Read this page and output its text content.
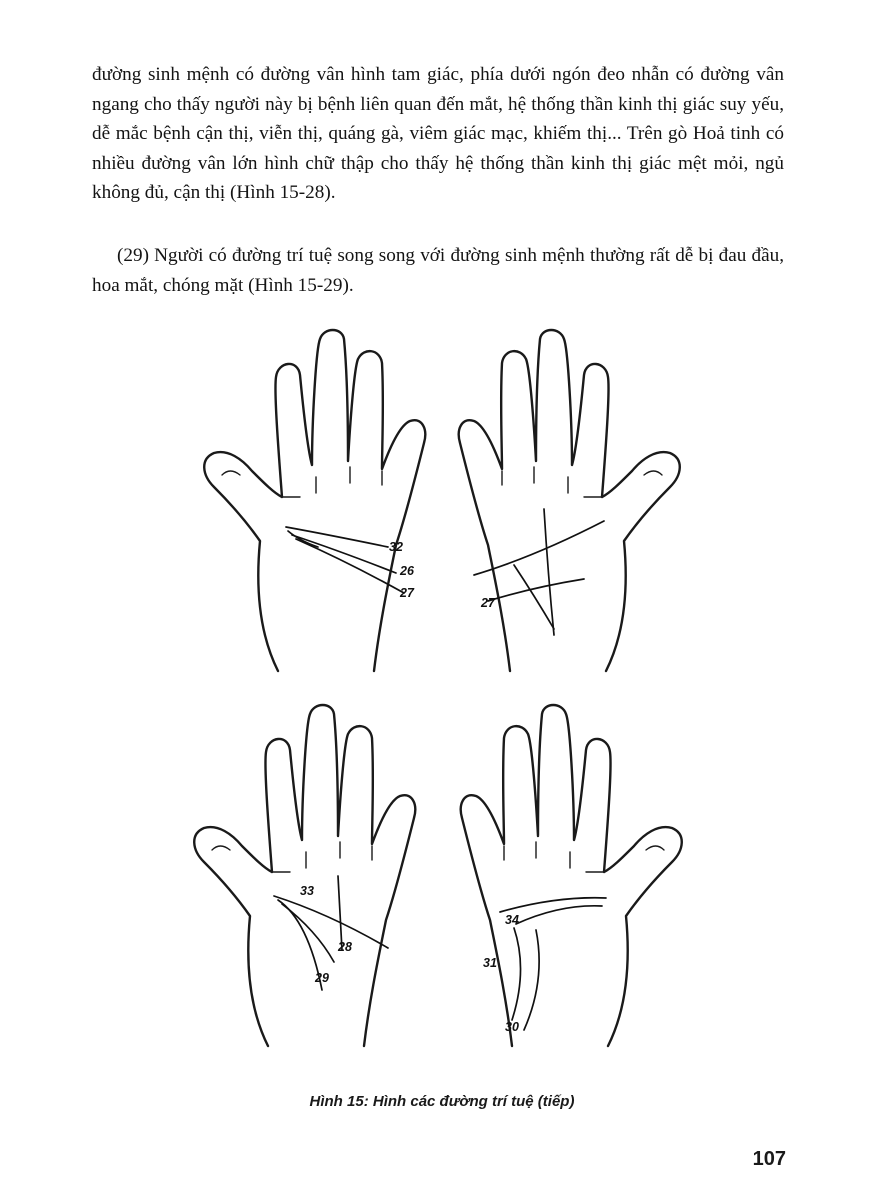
đường sinh mệnh có đường vân hình tam giác, phía dưới ngón đeo nhẫn có đường vân ngang cho thấy người này bị bệnh liên quan đến mắt, hệ thống thần kinh thị giác suy yếu, dễ mắc bệnh cận thị, viễn thị, quáng gà, viêm giác mạc, khiếm thị... Trên gò Hoả tinh có nhiều đường vân lớn hình chữ thập cho thấy hệ thống thần kinh thị giác mệt mỏi, ngủ không đủ, cận thị (Hình 15-28).

(29) Người có đường trí tuệ song song với đường sinh mệnh thường rất dễ bị đau đầu, hoa mắt, chóng mặt (Hình 15-29).

32
26
27
27
33
28
29
34
31
30

Hình 15: Hình các đường trí tuệ (tiếp)

107
